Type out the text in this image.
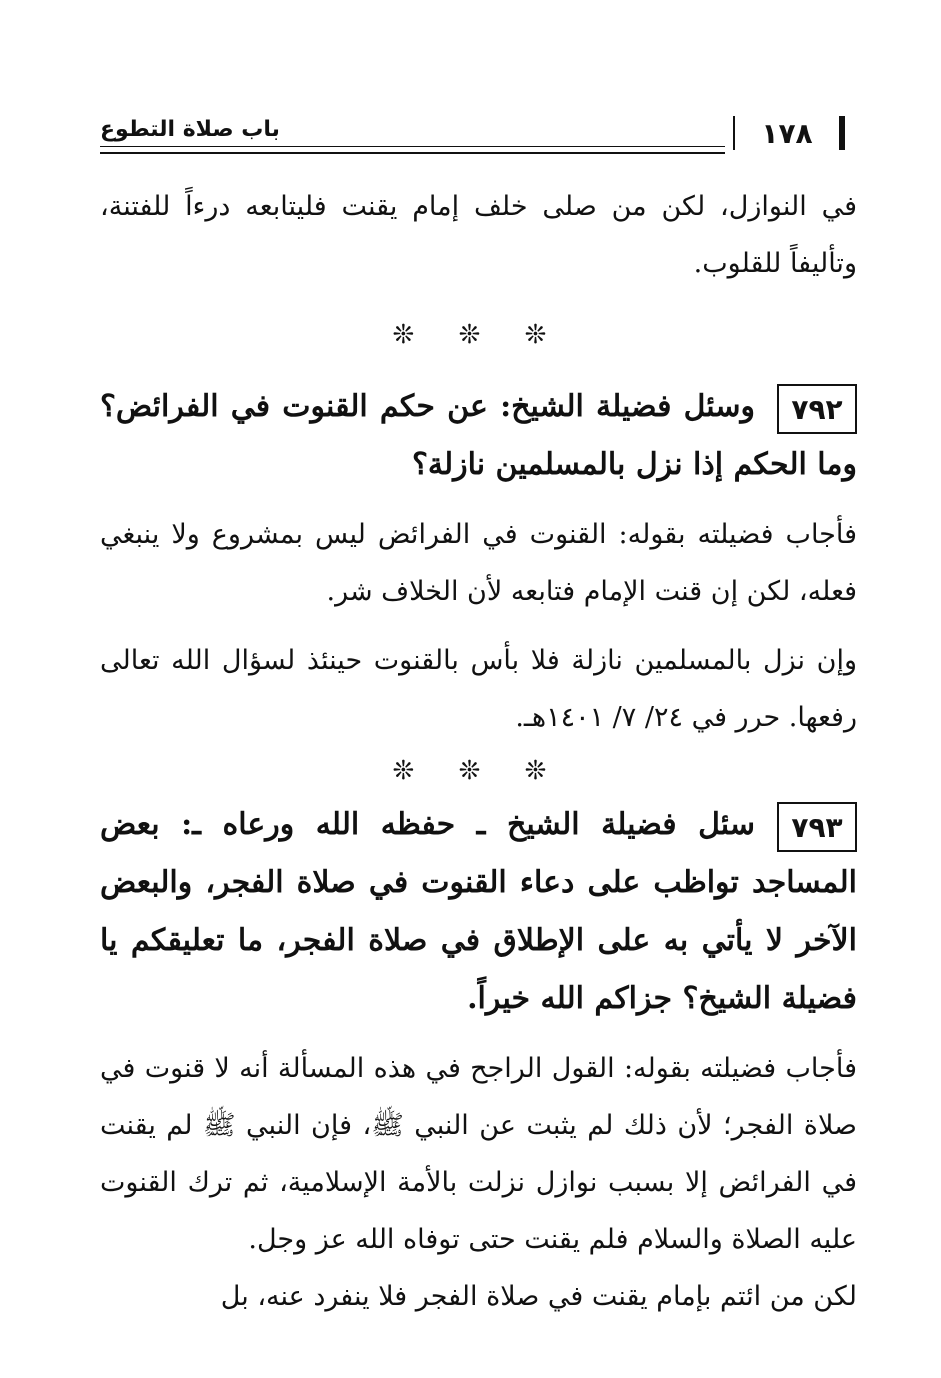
١٧٨
باب صلاة التطوع

في النوازل، لكن من صلى خلف إمام يقنت فليتابعه درءاً للفتنة، وتأليفاً للقلوب.

❊ ❊ ❊
٧٩٢

وسئل فضيلة الشيخ: عن حكم القنوت في الفرائض؟ وما الحكم إذا نزل بالمسلمين نازلة؟

فأجاب فضيلته بقوله: القنوت في الفرائض ليس بمشروع ولا ينبغي فعله، لكن إن قنت الإمام فتابعه لأن الخلاف شر.

وإن نزل بالمسلمين نازلة فلا بأس بالقنوت حينئذ لسؤال الله تعالى رفعها. حرر في ٢٤/ ٧/ ١٤٠١هـ.

❊ ❊ ❊
٧٩٣

سئل فضيلة الشيخ ـ حفظه الله ورعاه ـ: بعض المساجد تواظب على دعاء القنوت في صلاة الفجر، والبعض الآخر لا يأتي به على الإطلاق في صلاة الفجر، ما تعليقكم يا فضيلة الشيخ؟ جزاكم الله خيراً.

فأجاب فضيلته بقوله: القول الراجح في هذه المسألة أنه لا قنوت في صلاة الفجر؛ لأن ذلك لم يثبت عن النبي ﷺ، فإن النبي ﷺ لم يقنت في الفرائض إلا بسبب نوازل نزلت بالأمة الإسلامية، ثم ترك القنوت عليه الصلاة والسلام فلم يقنت حتى توفاه الله عز وجل.

لكن من ائتم بإمام يقنت في صلاة الفجر فلا ينفرد عنه، بل
